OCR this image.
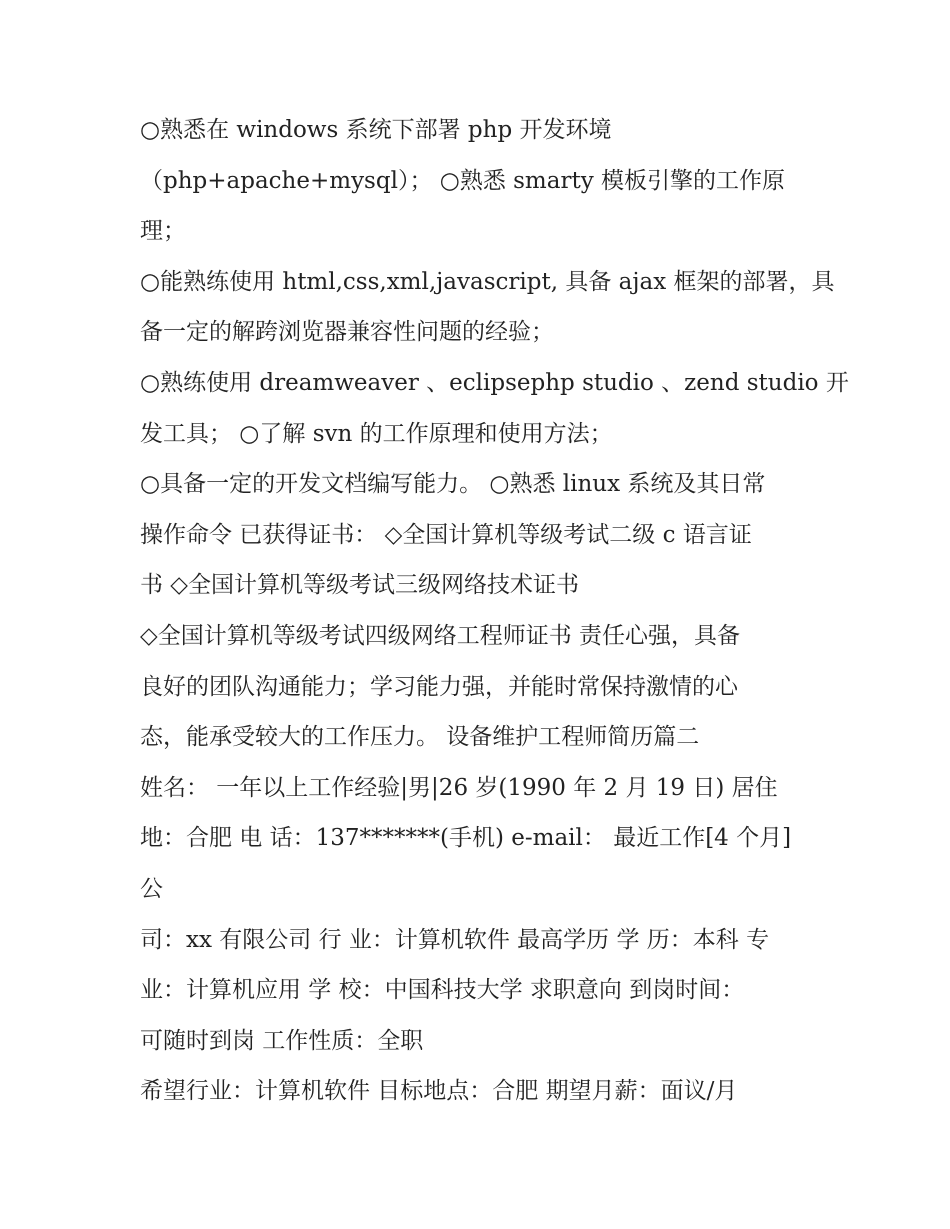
○熟悉在 windows 系统下部署 php 开发环境
（php+apache+mysql）； ○熟悉 smarty 模板引擎的工作原
理；
○能熟练使用 html,css,xml,javascript, 具备 ajax 框架的部署，具
备一定的解跨浏览器兼容性问题的经验；
○熟练使用 dreamweaver 、eclipsephp studio 、zend studio 开
发工具； ○了解 svn 的工作原理和使用方法；
○具备一定的开发文档编写能力。 ○熟悉 linux 系统及其日常
操作命令 已获得证书： ◇全国计算机等级考试二级 c 语言证
书 ◇全国计算机等级考试三级网络技术证书
◇全国计算机等级考试四级网络工程师证书 责任心强，具备
良好的团队沟通能力；学习能力强，并能时常保持激情的心
态，能承受较大的工作压力。 设备维护工程师简历篇二
姓名： 一年以上工作经验|男|26 岁(1990 年 2 月 19 日) 居住
地：合肥 电 话：137*******(手机) e-mail： 最近工作[4 个月]
公
司：xx 有限公司 行 业：计算机软件 最高学历 学 历：本科 专
业：计算机应用 学 校：中国科技大学 求职意向 到岗时间：
可随时到岗 工作性质：全职
希望行业：计算机软件 目标地点：合肥 期望月薪：面议/月
